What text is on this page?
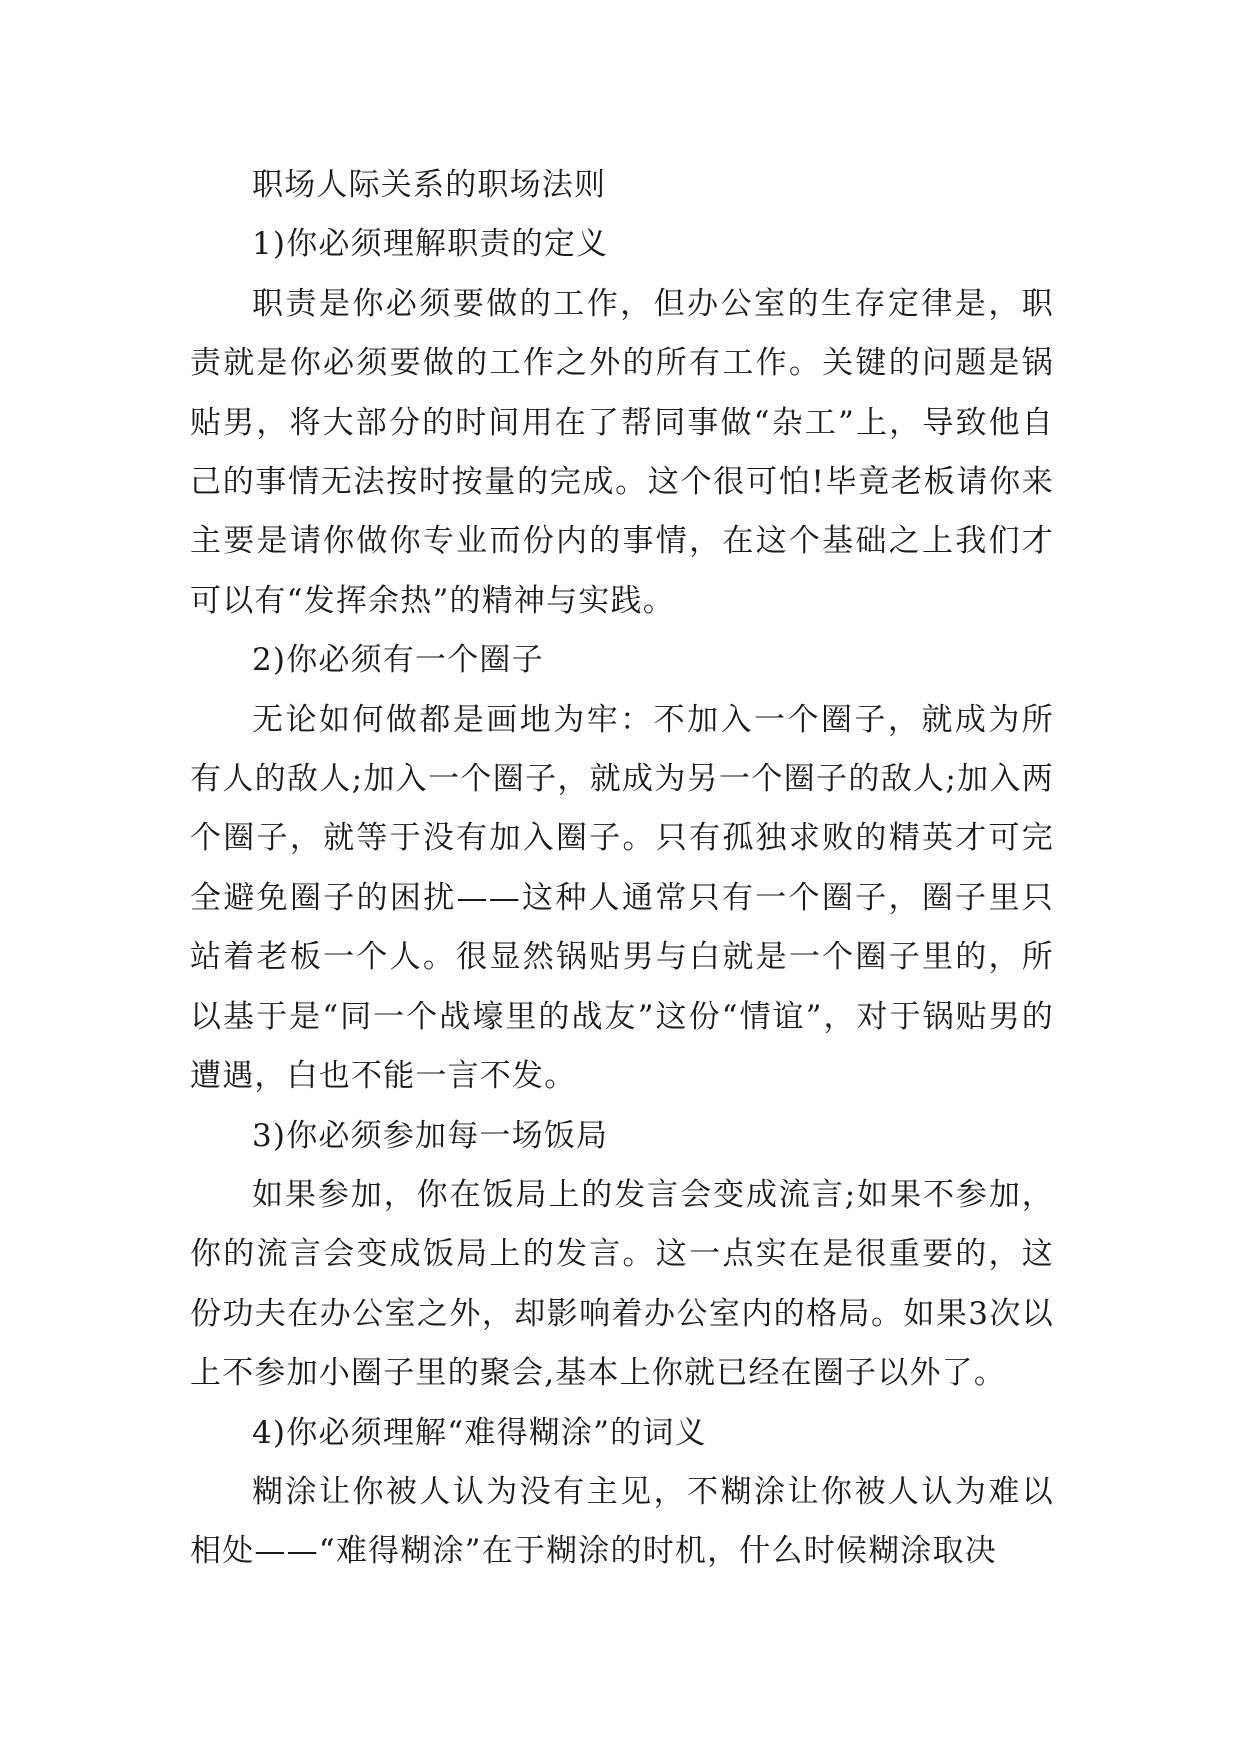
职场人际关系的职场法则

1)你必须理解职责的定义

职责是你必须要做的工作，但办公室的生存定律是，职责就是你必须要做的工作之外的所有工作。关键的问题是锅贴男，将大部分的时间用在了帮同事做“杂工”上，导致他自己的事情无法按时按量的完成。这个很可怕!毕竟老板请你来主要是请你做你专业而份内的事情，在这个基础之上我们才可以有“发挥余热”的精神与实践。

2)你必须有一个圈子

无论如何做都是画地为牢：不加入一个圈子，就成为所有人的敌人;加入一个圈子，就成为另一个圈子的敌人;加入两个圈子，就等于没有加入圈子。只有孤独求败的精英才可完全避免圈子的困扰——这种人通常只有一个圈子，圈子里只站着老板一个人。很显然锅贴男与白就是一个圈子里的，所以基于是“同一个战壕里的战友”这份“情谊”，对于锅贴男的遭遇，白也不能一言不发。

3)你必须参加每一场饭局

如果参加，你在饭局上的发言会变成流言;如果不参加，你的流言会变成饭局上的发言。这一点实在是很重要的，这份功夫在办公室之外，却影响着办公室内的格局。如果3次以上不参加小圈子里的聚会,基本上你就已经在圈子以外了。

4)你必须理解“难得糊涂”的词义

糊涂让你被人认为没有主见，不糊涂让你被人认为难以相处——“难得糊涂”在于糊涂的时机，什么时候糊涂取决
